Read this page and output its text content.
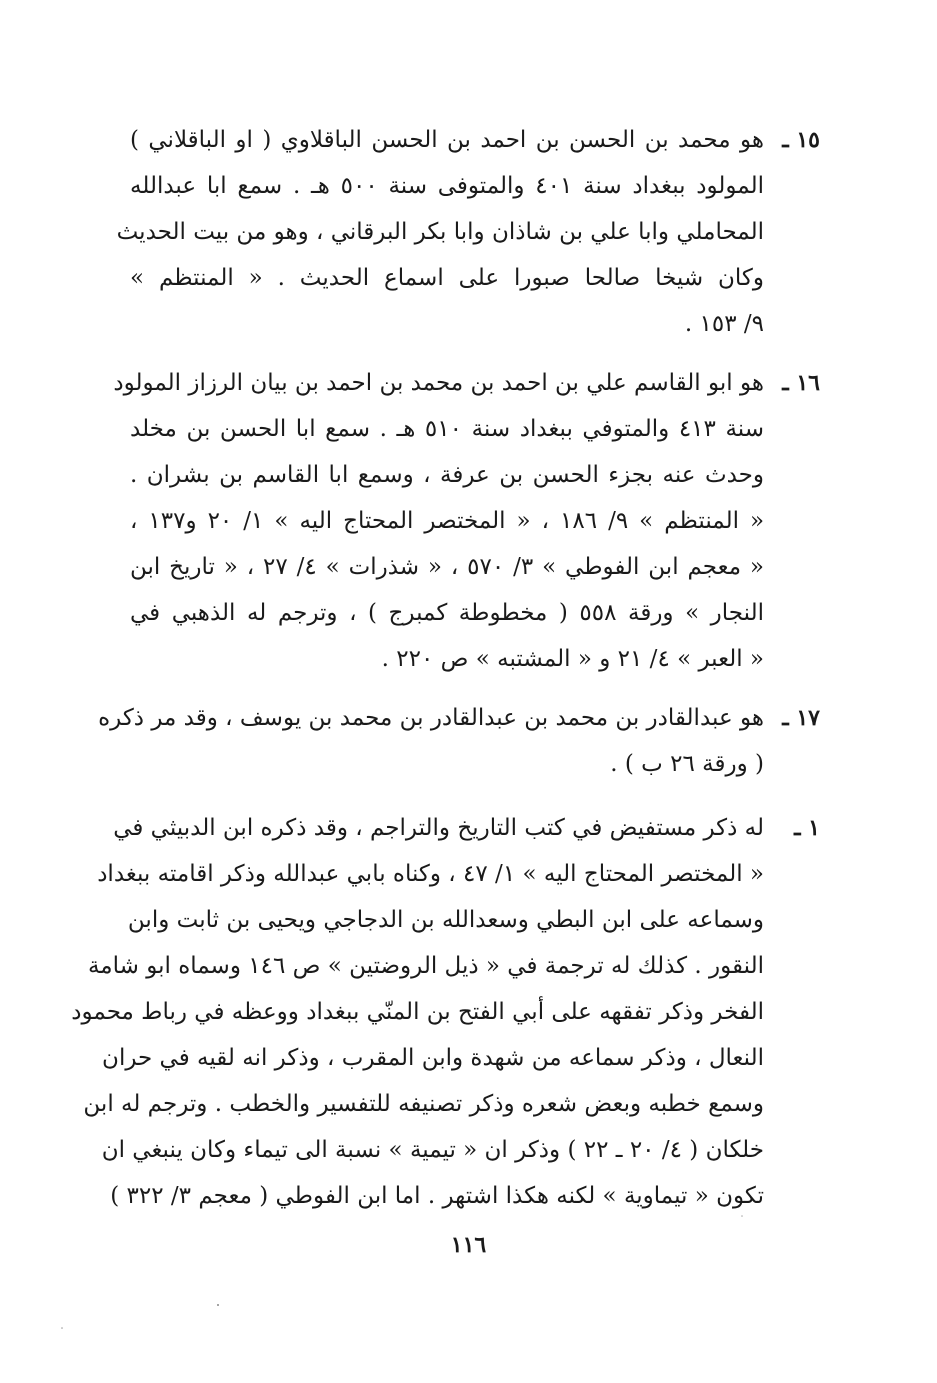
١٥ ـ
هو محمد بن الحسن بن احمد بن الحسن الباقلاوي ( او الباقلاني )
المولود ببغداد سنة ٤٠١ والمتوفى سنة ٥٠٠ هـ . سمع ابا عبدالله
المحاملي وابا علي بن شاذان وابا بكر البرقاني ، وهو من بيت الحديث
وكان شيخا صالحا صبورا على اسماع الحديث . « المنتظم »
٩/ ١٥٣ .
١٦ ـ
هو ابو القاسم علي بن احمد بن محمد بن احمد بن بيان الرزاز المولود
سنة ٤١٣ والمتوفي ببغداد سنة ٥١٠ هـ . سمع ابا الحسن بن مخلد
وحدث عنه بجزء الحسن بن عرفة ، وسمع ابا القاسم بن بشران .
« المنتظم » ٩/ ١٨٦ ، « المختصر المحتاج اليه » ١/ ٢٠ و١٣٧ ،
« معجم ابن الفوطي » ٣/ ٥٧٠ ، « شذرات » ٤/ ٢٧ ، « تاريخ ابن
النجار » ورقة ٥٥٨ ( مخطوطة كمبرج ) ، وترجم له الذهبي في
« العبر » ٤/ ٢١ و « المشتبه » ص ٢٢٠ .
١٧ ـ
هو عبدالقادر بن محمد بن عبدالقادر بن محمد بن يوسف ، وقد مر ذكره
( ورقة ٢٦ ب ) .
١ ـ
له ذكر مستفيض في كتب التاريخ والتراجم ، وقد ذكره ابن الدبيثي في
« المختصر المحتاج اليه » ١/ ٤٧ ، وكناه بابي عبدالله وذكر اقامته ببغداد
وسماعه على ابن البطي وسعدالله بن الدجاجي ويحيى بن ثابت وابن
النقور . كذلك له ترجمة في « ذيل الروضتين » ص ١٤٦ وسماه ابو شامة
الفخر وذكر تفقهه على أبي الفتح بن المنّي ببغداد ووعظه في رباط محمود
النعال ، وذكر سماعه من شهدة وابن المقرب ، وذكر انه لقيه في حران
وسمع خطبه وبعض شعره وذكر تصنيفه للتفسير والخطب . وترجم له ابن
خلكان ( ٤/ ٢٠ ـ ٢٢ ) وذكر ان « تيمية » نسبة الى تيماء وكان ينبغي ان
تكون « تيماوية » لكنه هكذا اشتهر . اما ابن الفوطي ( معجم ٣/ ٣٢٢ )
١١٦
